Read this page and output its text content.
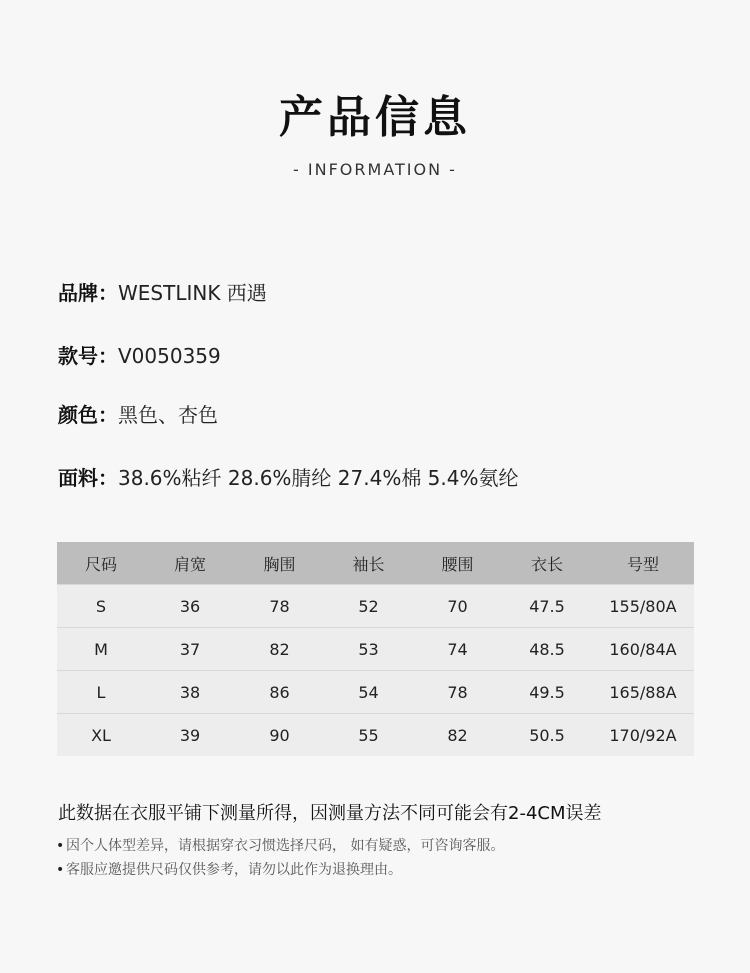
产品信息
- INFORMATION -
品牌：WESTLINK 西遇
款号：V0050359
颜色：黑色、杏色
面料：38.6%粘纤 28.6%腈纶 27.4%棉 5.4%氨纶
尺码	肩宽	胸围	袖长	腰围	衣长	号型
S	36	78	52	70	47.5	155/80A
M	37	82	53	74	48.5	160/84A
L	38	86	54	78	49.5	165/88A
XL	39	90	55	82	50.5	170/92A
此数据在衣服平铺下测量所得，因测量方法不同可能会有2-4CM误差
• 因个人体型差异，请根据穿衣习惯选择尺码， 如有疑惑，可咨询客服。
• 客服应邀提供尺码仅供参考，请勿以此作为退换理由。
